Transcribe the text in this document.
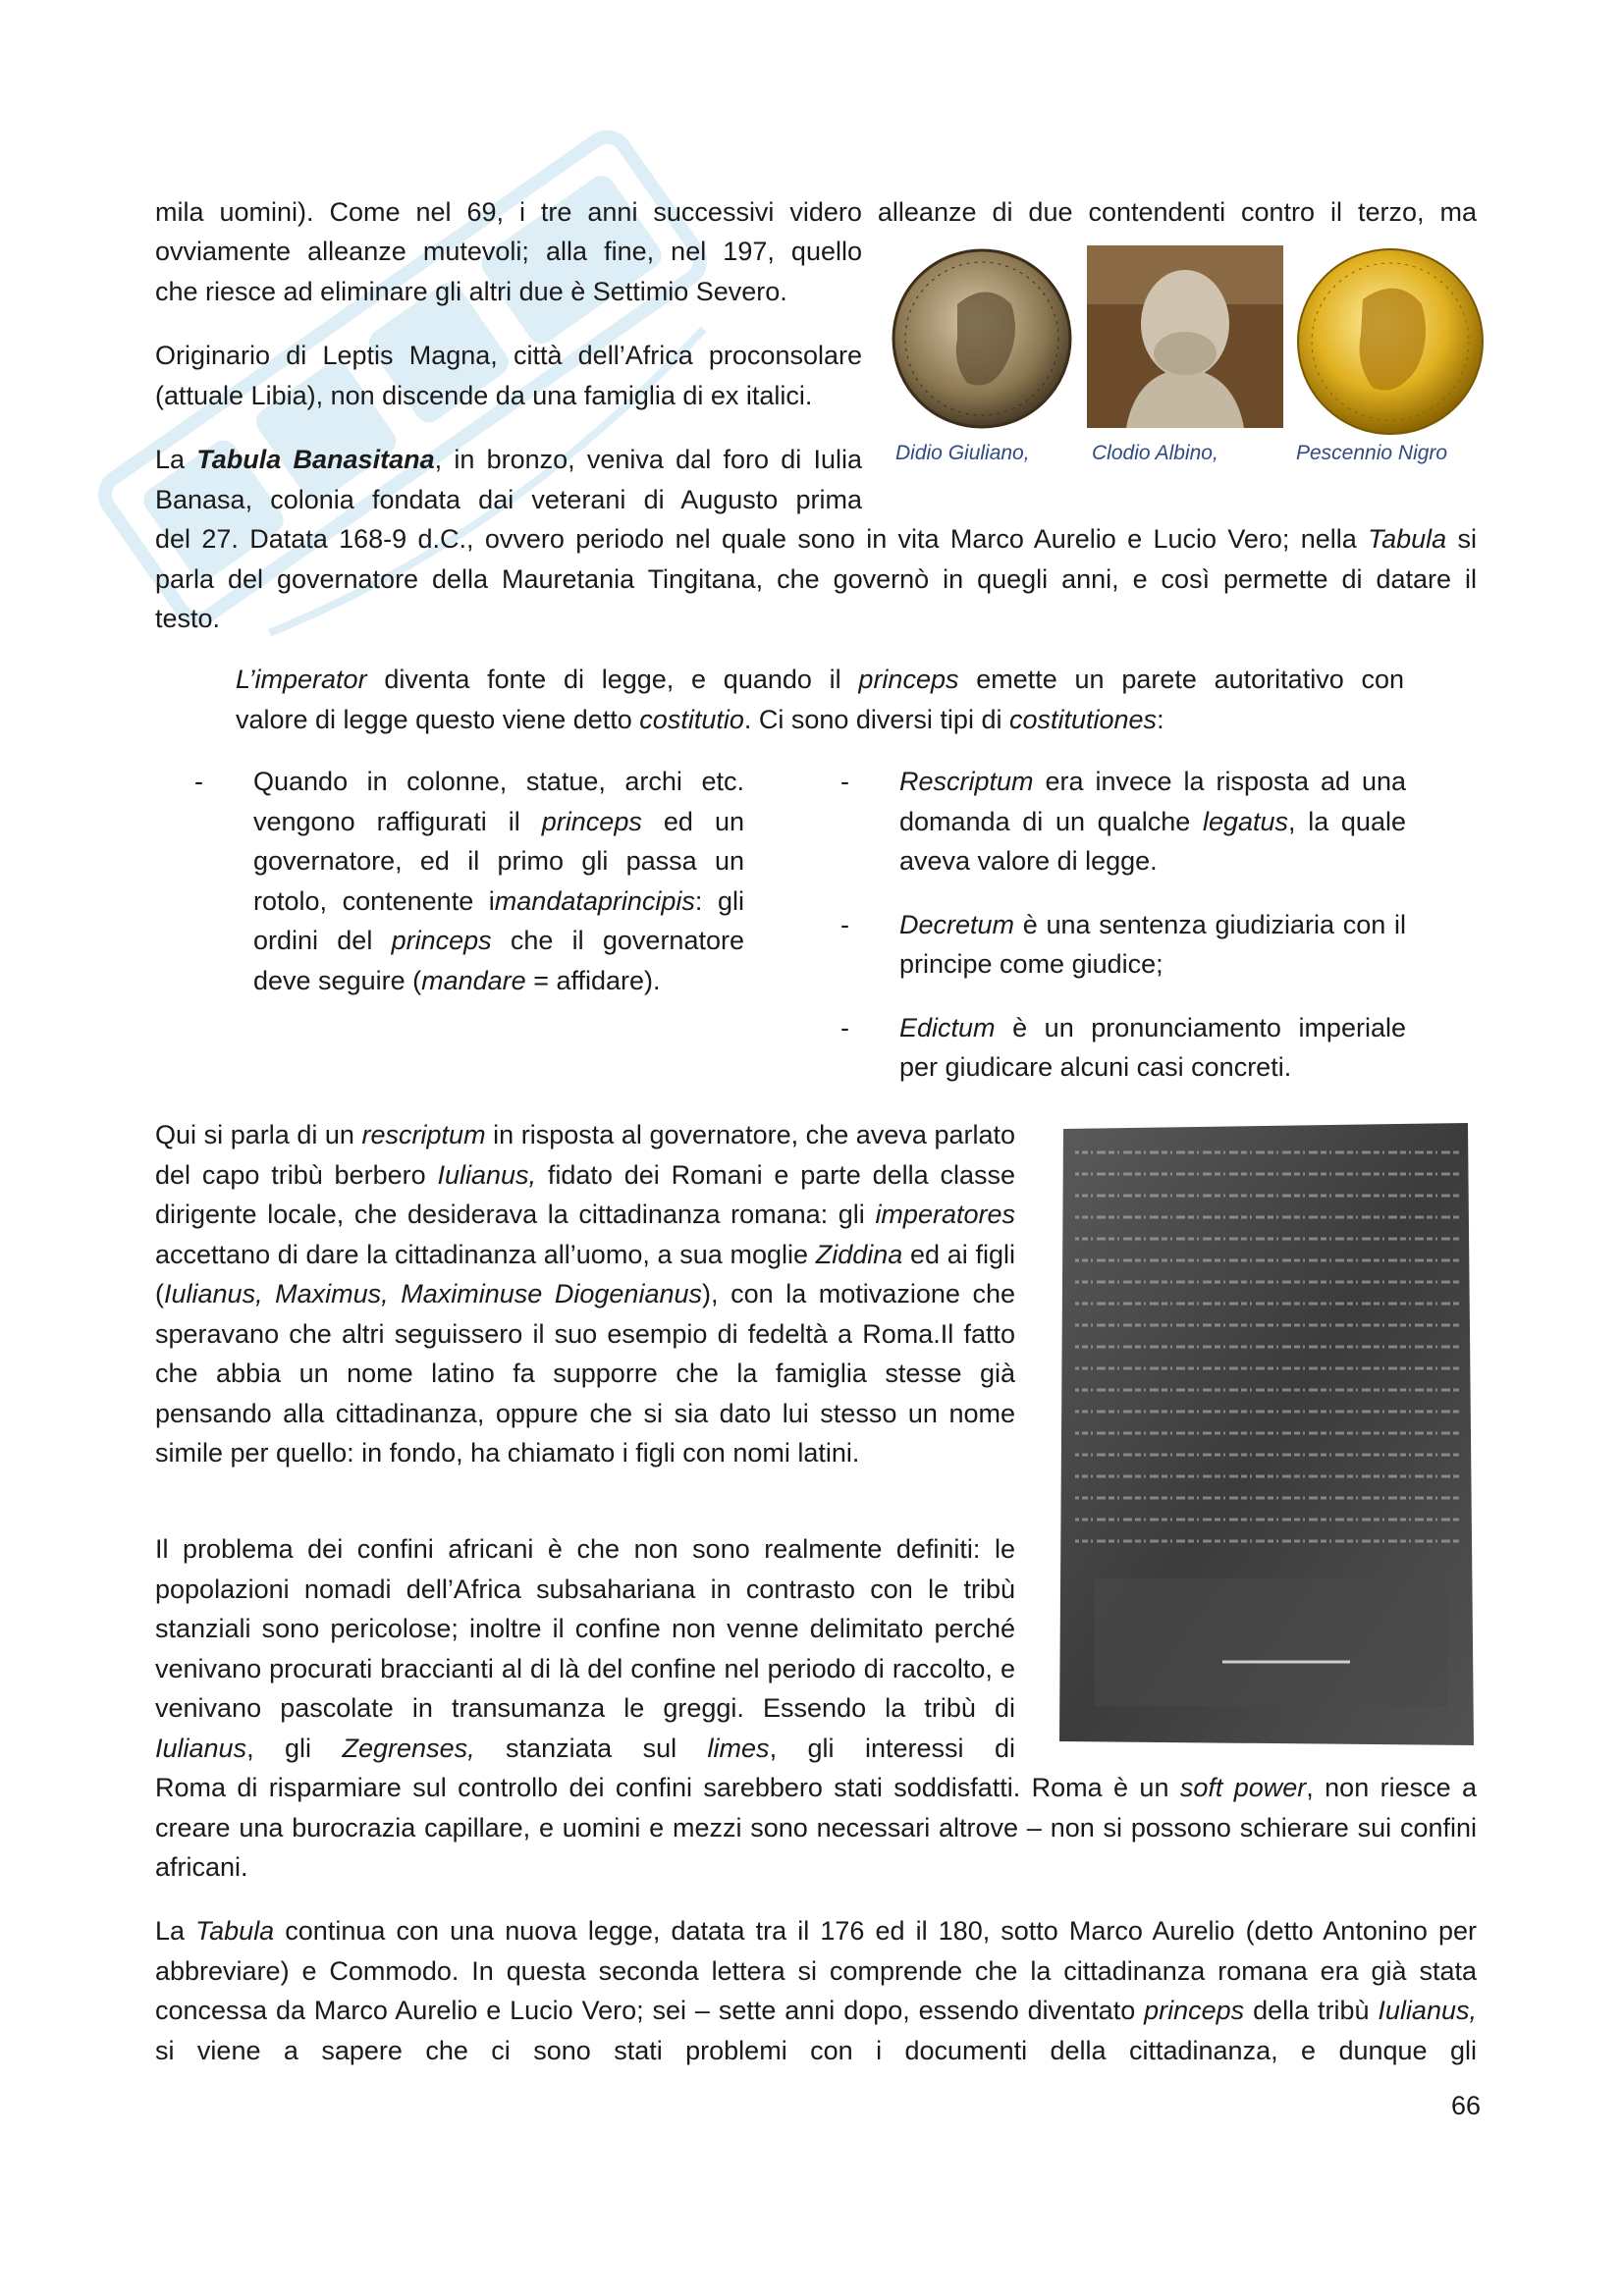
mila uomini). Come nel 69, i tre anni successivi videro alleanze di due contendenti contro il terzo, ma

ovviamente alleanze mutevoli; alla fine, nel 197, quello

che riesce ad eliminare gli altri due è Settimio Severo.

Originario di Leptis Magna, città dell’Africa proconsolare

(attuale Libia), non discende da una famiglia di ex italici.

La Tabula Banasitana, in bronzo, veniva dal foro di Iulia

Banasa, colonia fondata dai veterani di Augusto prima

del 27. Datata 168-9 d.C., ovvero periodo nel quale sono in vita Marco Aurelio e Lucio Vero; nella Tabula si

parla del governatore della Mauretania Tingitana, che governò in quegli anni, e così permette di datare il

testo.

Didio Giuliano,	Clodio Albino,	Pescennio Nigro

L’imperator diventa fonte di legge, e quando il princeps emette un parete autoritativo con

valore di legge questo viene detto costitutio. Ci sono diversi tipi di costitutiones:

- Quando in colonne, statue, archi etc. vengono raffigurati il princeps ed un governatore, ed il primo gli passa un rotolo, contenente imandataprincipis: gli ordini del princeps che il governatore deve seguire (mandare = affidare).
- Rescriptum era invece la risposta ad una domanda di un qualche legatus, la quale aveva valore di legge.
- Decretum è una sentenza giudiziaria con il principe come giudice;
- Edictum è un pronunciamento imperiale per giudicare alcuni casi concreti.

Qui si parla di un rescriptum in risposta al governatore, che aveva parlato del capo tribù berbero Iulianus, fidato dei Romani e parte della classe dirigente locale, che desiderava la cittadinanza romana: gli imperatores accettano di dare la cittadinanza all’uomo, a sua moglie Ziddina ed ai figli (Iulianus, Maximus, Maximinuse Diogenianus), con la motivazione che speravano che altri seguissero il suo esempio di fedeltà a Roma.Il fatto che abbia un nome latino fa supporre che la famiglia stesse già pensando alla cittadinanza, oppure che si sia dato lui stesso un nome simile per quello: in fondo, ha chiamato i figli con nomi latini.

Il problema dei confini africani è che non sono realmente definiti: le popolazioni nomadi dell’Africa subsahariana in contrasto con le tribù stanziali sono pericolose; inoltre il confine non venne delimitato perché venivano procurati braccianti al di là del confine nel periodo di raccolto, e venivano pascolate in transumanza le greggi. Essendo la tribù di Iulianus, gli Zegrenses, stanziata sul limes, gli interessi di

Roma di risparmiare sul controllo dei confini sarebbero stati soddisfatti. Roma è un soft power, non riesce a creare una burocrazia capillare, e uomini e mezzi sono necessari altrove – non si possono schierare sui confini africani.

La Tabula continua con una nuova legge, datata tra il 176 ed il 180, sotto Marco Aurelio (detto Antonino per abbreviare) e Commodo. In questa seconda lettera si comprende che la cittadinanza romana era già stata concessa da Marco Aurelio e Lucio Vero; sei – sette anni dopo, essendo diventato princeps della tribù Iulianus, si viene a sapere che ci sono stati problemi con i documenti della cittadinanza, e dunque gli

66
